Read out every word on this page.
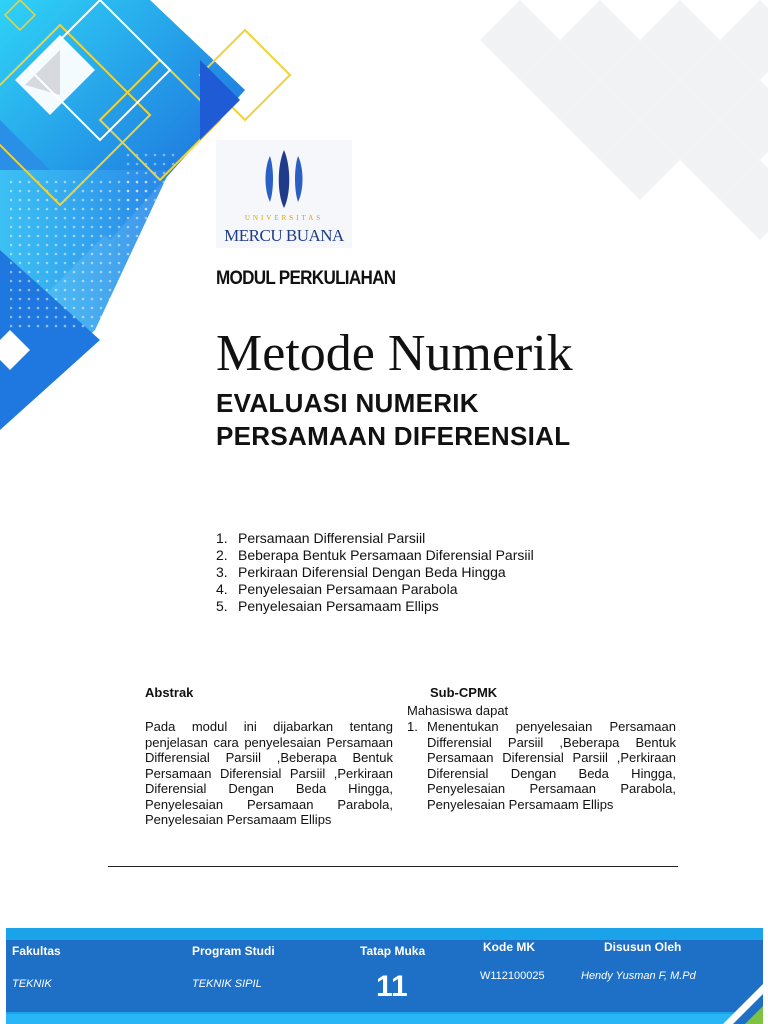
UNIVERSITAS
MERCU BUANA
MODUL PERKULIAHAN
Metode Numerik
EVALUASI NUMERIK
PERSAMAAN DIFERENSIAL
1. Persamaan Differensial Parsiil
2. Beberapa Bentuk Persamaan Diferensial Parsiil
3. Perkiraan Diferensial Dengan Beda Hingga
4. Penyelesaian Persamaan Parabola
5. Penyelesaian Persamaam Ellips
Abstrak
Pada modul ini dijabarkan tentang penjelasan cara penyelesaian Persamaan Differensial Parsiil ,Beberapa Bentuk Persamaan Diferensial Parsiil ,Perkiraan Diferensial Dengan Beda Hingga, Penyelesaian Persamaan Parabola, Penyelesaian Persamaam Ellips
Sub-CPMK
Mahasiswa dapat
1. Menentukan penyelesaian Persamaan Differensial Parsiil ,Beberapa Bentuk Persamaan Diferensial Parsiil ,Perkiraan Diferensial Dengan Beda Hingga, Penyelesaian Persamaan Parabola, Penyelesaian Persamaam Ellips
Fakultas
TEKNIK
Program Studi
TEKNIK SIPIL
Tatap Muka
11
Kode MK
W112100025
Disusun Oleh
Hendy Yusman F, M.Pd
